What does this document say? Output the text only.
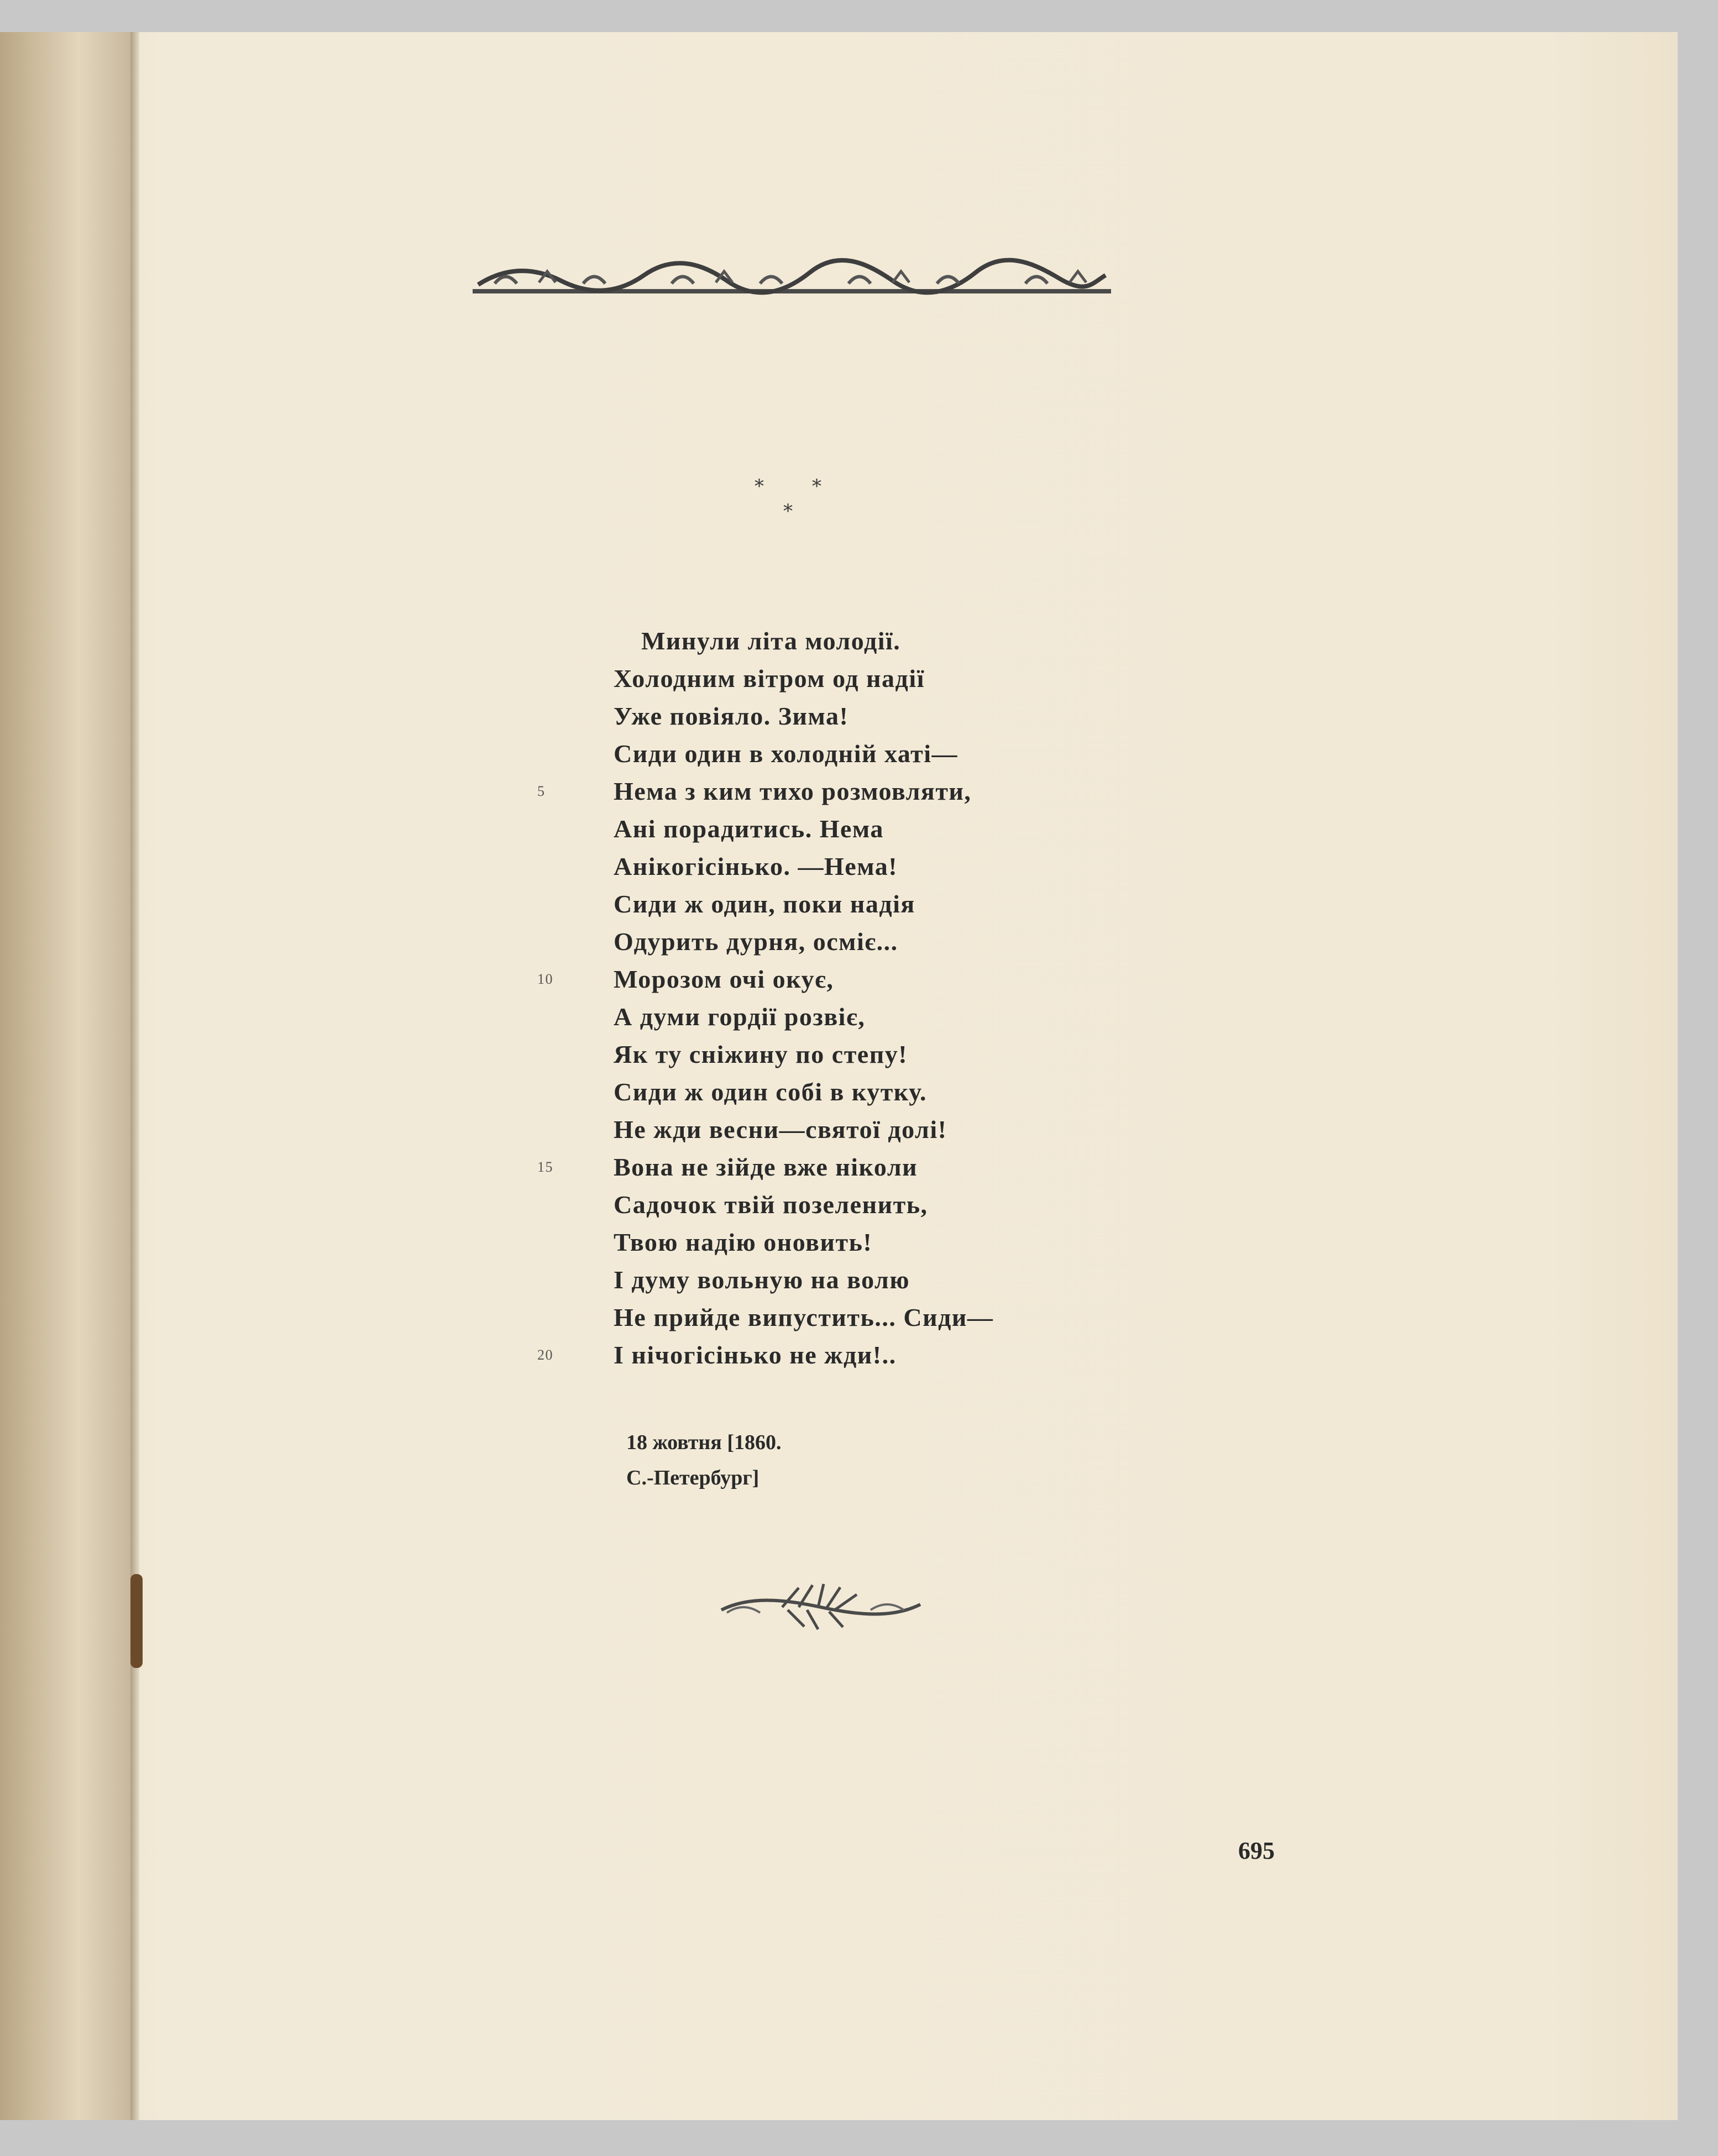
*	*
*
Минули літа молодії.
Холодним вітром од надії
Уже повіяло. Зима!
Сиди один в холодній хаті—
5	Нема з ким тихо розмовляти,
Ані порадитись. Нема
Анікогісінько. —Нема!
Сиди ж один, поки надія
Одурить дурня, осміє...
10 Морозом очі окує,
А думи гордії розвіє,
Як ту сніжину по степу!
Сиди ж один собі в кутку.
Не жди весни—святої долі!
15 Вона не зійде вже ніколи
Садочок твій позеленить,
Твою надію оновить!
І думу вольную на волю
Не прийде випустить... Сиди—
20 І нічогісінько не жди!..
18 жовтня [1860.
С.-Петербург]
695
